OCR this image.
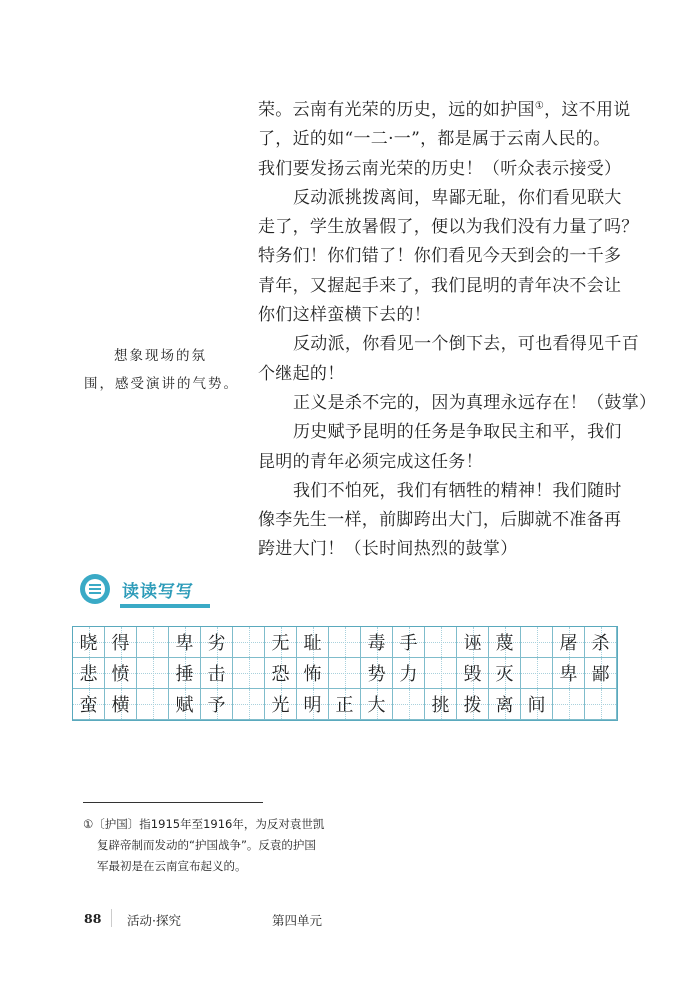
荣。云南有光荣的历史，远的如护国①，这不用说
了，近的如“一二·一”，都是属于云南人民的。
我们要发扬云南光荣的历史！（听众表示接受）
反动派挑拨离间，卑鄙无耻，你们看见联大
走了，学生放暑假了，便以为我们没有力量了吗？
特务们！你们错了！你们看见今天到会的一千多
青年，又握起手来了，我们昆明的青年决不会让
你们这样蛮横下去的！
反动派，你看见一个倒下去，可也看得见千百
个继起的！
正义是杀不完的，因为真理永远存在！（鼓掌）
历史赋予昆明的任务是争取民主和平，我们
昆明的青年必须完成这任务！
我们不怕死，我们有牺牲的精神！我们随时
像李先生一样，前脚跨出大门，后脚就不准备再
跨进大门！（长时间热烈的鼓掌）
想象现场的氛
围，感受演讲的气势。
读读写写
晓 得	卑 劣	无 耻	毒 手	诬 蔑	屠 杀
悲 愤	捶 击	恐 怖	势 力	毁 灭	卑 鄙
蛮 横	赋 予	光 明 正 大	挑 拨 离 间
①〔护国〕指1915年至1916年，为反对袁世凯
复辟帝制而发动的“护国战争”。反袁的护国
军最初是在云南宣布起义的。
88 活动·探究	第四单元
